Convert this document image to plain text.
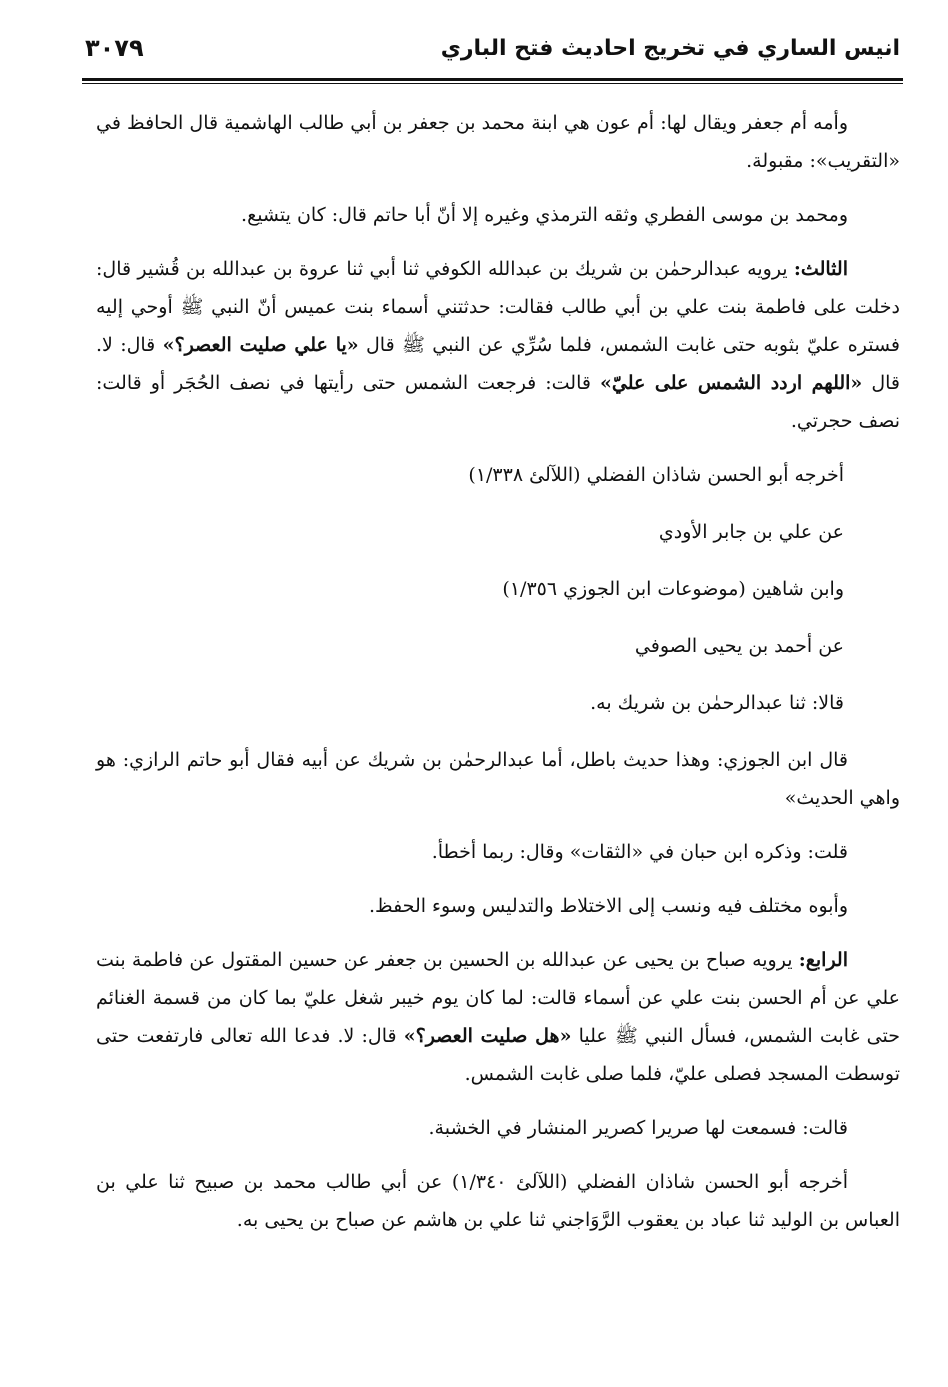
انيس الساري في تخريج احاديث فتح الباري
٣٠٧٩

وأمه أم جعفر ويقال لها: أم عون هي ابنة محمد بن جعفر بن أبي طالب الهاشمية قال الحافظ في «التقريب»: مقبولة.

ومحمد بن موسى الفطري وثقه الترمذي وغيره إلا أنّ أبا حاتم قال: كان يتشيع.

الثالث: يرويه عبدالرحمٰن بن شريك بن عبدالله الكوفي ثنا أبي ثنا عروة بن عبدالله بن قُشير قال: دخلت على فاطمة بنت علي بن أبي طالب فقالت: حدثتني أسماء بنت عميس أنّ النبي ﷺ أوحي إليه فستره عليّ بثوبه حتى غابت الشمس، فلما سُرِّي عن النبي ﷺ قال «يا علي صليت العصر؟» قال: لا. قال «اللهم اردد الشمس على عليّ» قالت: فرجعت الشمس حتى رأيتها في نصف الحُجَر أو قالت: نصف حجرتي.

أخرجه أبو الحسن شاذان الفضلي (اللآلئ ١/٣٣٨)

عن علي بن جابر الأودي

وابن شاهين (موضوعات ابن الجوزي ١/٣٥٦)

عن أحمد بن يحيى الصوفي

قالا: ثنا عبدالرحمٰن بن شريك به.

قال ابن الجوزي: وهذا حديث باطل، أما عبدالرحمٰن بن شريك عن أبيه فقال أبو حاتم الرازي: هو واهي الحديث»

قلت: وذكره ابن حبان في «الثقات» وقال: ربما أخطأ.

وأبوه مختلف فيه ونسب إلى الاختلاط والتدليس وسوء الحفظ.

الرابع: يرويه صباح بن يحيى عن عبدالله بن الحسين بن جعفر عن حسين المقتول عن فاطمة بنت علي عن أم الحسن بنت علي عن أسماء قالت: لما كان يوم خيبر شغل عليّ بما كان من قسمة الغنائم حتى غابت الشمس، فسأل النبي ﷺ عليا «هل صليت العصر؟» قال: لا. فدعا الله تعالى فارتفعت حتى توسطت المسجد فصلى عليّ، فلما صلى غابت الشمس.

قالت: فسمعت لها صريرا كصرير المنشار في الخشبة.

أخرجه أبو الحسن شاذان الفضلي (اللآلئ ١/٣٤٠) عن أبي طالب محمد بن صبيح ثنا علي بن العباس بن الوليد ثنا عباد بن يعقوب الرَّوَاجني ثنا علي بن هاشم عن صباح بن يحيى به.
